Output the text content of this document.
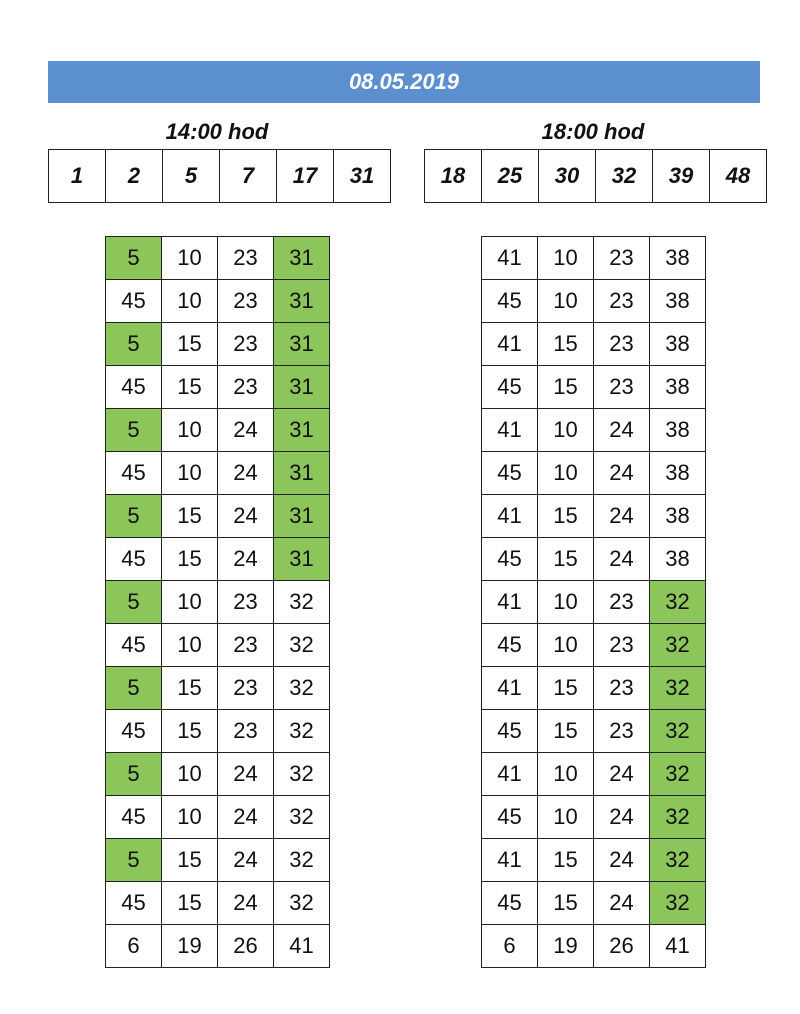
08.05.2019
14:00 hod	18:00 hod
1	2	5	7	17	31	18	25	30	32	39	48
5	10	23	31
45	10	23	31
5	15	23	31
45	15	23	31
5	10	24	31
45	10	24	31
5	15	24	31
45	15	24	31
5	10	23	32
45	10	23	32
5	15	23	32
45	15	23	32
5	10	24	32
45	10	24	32
5	15	24	32
45	15	24	32
6	19	26	41
41	10	23	38
45	10	23	38
41	15	23	38
45	15	23	38
41	10	24	38
45	10	24	38
41	15	24	38
45	15	24	38
41	10	23	32
45	10	23	32
41	15	23	32
45	15	23	32
41	10	24	32
45	10	24	32
41	15	24	32
45	15	24	32
6	19	26	41
